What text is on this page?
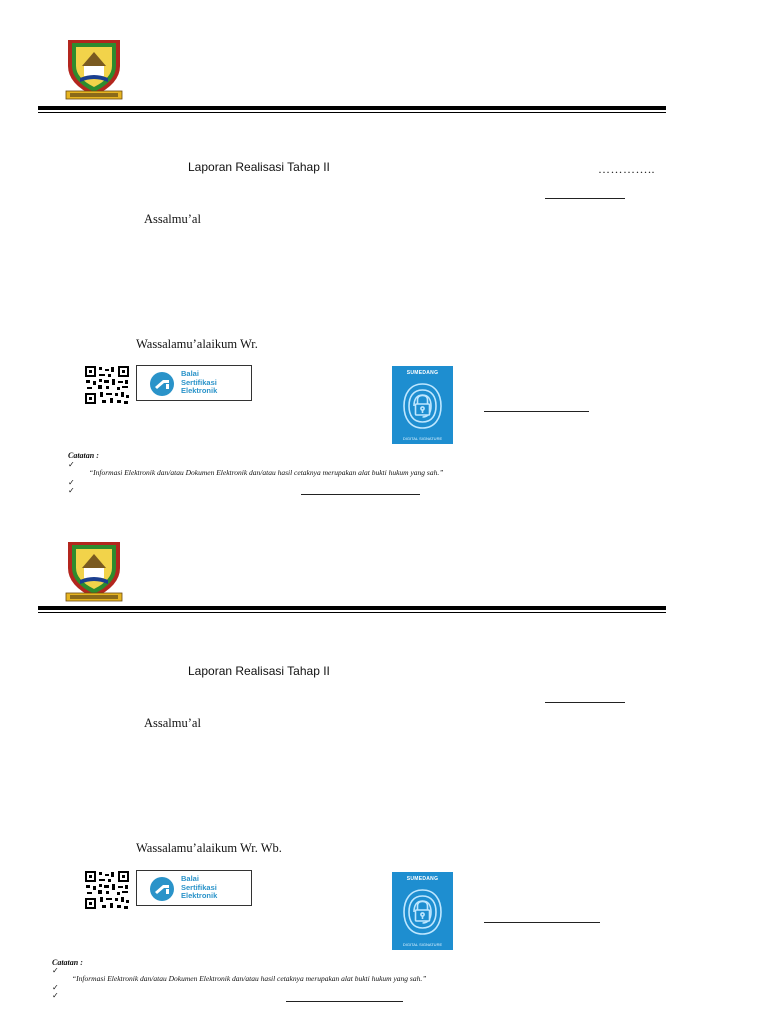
Laporan Realisasi Tahap II	…………..
Assalmu’al
Wassalamu’alaikum Wr.
Balai
Sertifikasi
Elektronik
SUMEDANG
DIGITAL SIGNATURE
Catatan :
✓
“Informasi Elektronik dan/atau Dokumen Elektronik dan/atau hasil cetaknya merupakan alat bukti hukum yang sah.”
✓
✓
Laporan Realisasi Tahap II
Assalmu’al
Wassalamu’alaikum Wr. Wb.
Balai
Sertifikasi
Elektronik
SUMEDANG
DIGITAL SIGNATURE
Catatan :
✓
“Informasi Elektronik dan/atau Dokumen Elektronik dan/atau hasil cetaknya merupakan alat bukti hukum yang sah.”
✓
✓
